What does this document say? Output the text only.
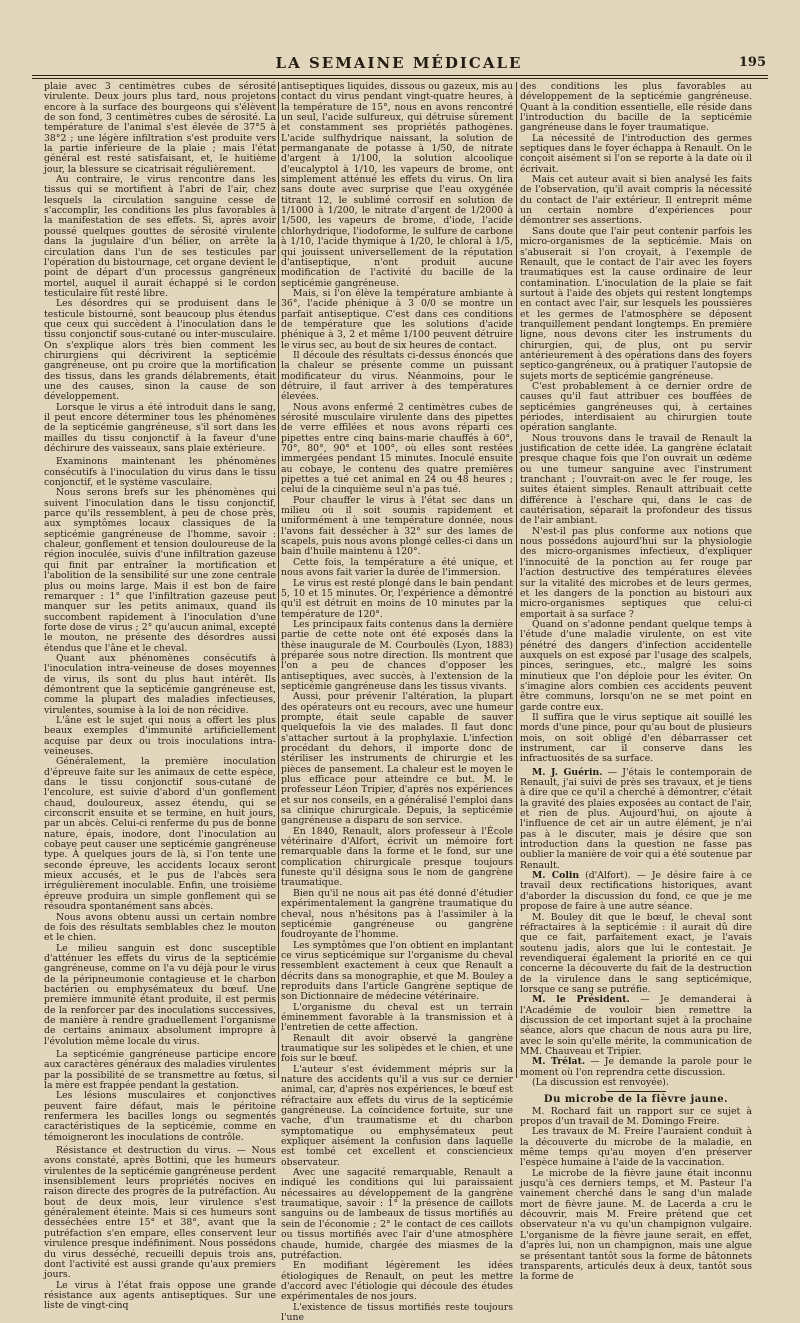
LA SEMAINE MÉDICALE	195

plaie avec 3 centimètres cubes de sérosité virulente. Deux jours plus tard, nous projetons encore à la surface des bourgeons qui s'élèvent de son fond, 3 centimètres cubes de sérosité. La température de l'animal s'est élevée de 37°5 à 38°2 ; une légère infiltration s'est produite vers la partie inférieure de la plaie ; mais l'état général est resté satisfaisant, et, le huitième jour, la blessure se cicatrisait régulièrement.

Au contraire, le virus rencontre dans les tissus qui se mortifient à l'abri de l'air, chez lesquels la circulation sanguine cesse de s'accomplir, les conditions les plus favorables à la manifestation de ses effets. Si, après avoir poussé quelques gouttes de sérosité virulente dans la jugulaire d'un bélier, on arrête la circulation dans l'un de ses testicules par l'opération du bistournage, cet organe devient le point de départ d'un processus gangréneux mortel, auquel il aurait échappé si le cordon testiculaire fût resté libre.

Les désordres qui se produisent dans le testicule bistourné, sont beaucoup plus étendus que ceux qui succèdent à l'inoculation dans le tissu conjonctif sous-cutané ou inter-musculaire. On s'explique alors très bien comment les chirurgiens qui décrivirent la septicémie gangréneuse, ont pu croire que la mortification des tissus, dans les grands délabrements, était une des causes, sinon la cause de son développement.

Lorsque le virus a été introduit dans le sang, il peut encore déterminer tous les phénomènes de la septicémie gangréneuse, s'il sort dans les mailles du tissu conjonctif à la faveur d'une déchirure des vaisseaux, sans plaie extérieure.

Examinons maintenant les phénomènes consécutifs à l'inoculation du virus dans le tissu conjonctif, et le système vasculaire.

Nous serons brefs sur les phénomènes qui suivent l'inoculation dans le tissu conjonctif, parce qu'ils ressemblent, à peu de chose près, aux symptômes locaux classiques de la septicémie gangréneuse de l'homme, savoir : chaleur, gonflement et tension douloureuse de la région inoculée, suivis d'une infiltration gazeuse qui finit par entraîner la mortification et l'abolition de la sensibilité sur une zone centrale plus ou moins large. Mais il est bon de faire remarquer : 1° que l'infiltration gazeuse peut manquer sur les petits animaux, quand ils succombent rapidement à l'inoculation d'une forte dose de virus ; 2° qu'aucun animal, excepté le mouton, ne présente des désordres aussi étendus que l'âne et le cheval.

Quant aux phénomènes consécutifs à l'inoculation intra-veineuse de doses moyennes de virus, ils sont du plus haut intérêt. Ils démontrent que la septicémie gangréneuse est, comme la plupart des maladies infectieuses, virulentes, soumise à la loi de non récidive.

L'âne est le sujet qui nous a offert les plus beaux exemples d'immunité artificiellement acquise par deux ou trois inoculations intra-veineuses.

Généralement, la première inoculation d'épreuve faite sur les animaux de cette espèce, dans le tissu conjonctif sous-cutané de l'encolure, est suivie d'abord d'un gonflement chaud, douloureux, assez étendu, qui se circonscrit ensuite et se termine, en huit jours, par un abcès. Celui-ci renferme du pus de bonne nature, épais, inodore, dont l'inoculation au cobaye peut causer une septicémie gangréneuse type. À quelques jours de là, si l'on tente une seconde épreuve, les accidents locaux seront mieux accusés, et le pus de l'abcès sera irrégulièrement inoculable. Enfin, une troisième épreuve produira un simple gonflement qui se résoudra spontanément sans abcès.

Nous avons obtenu aussi un certain nombre de fois des résultats semblables chez le mouton et le chien.

Le milieu sanguin est donc susceptible d'atténuer les effets du virus de la septicémie gangréneuse, comme on l'a vu déjà pour le virus de la péripneumonie contagieuse et le charbon bactérien ou emphysémateux du bœuf. Une première immunité étant produite, il est permis de la renforcer par des inoculations successives, de manière à rendre graduellement l'organisme de certains animaux absolument impropre à l'évolution même locale du virus.

La septicémie gangréneuse participe encore aux caractères généraux des maladies virulentes par la possibilité de se transmettre au fœtus, si la mère est frappée pendant la gestation.

Les lésions musculaires et conjonctives peuvent faire défaut, mais le péritoine renfermera les bacilles longs ou segmentés caractéristiques de la septicémie, comme en témoigneront les inoculations de contrôle.

Résistance et destruction du virus. — Nous avons constaté, après Bottini, que les humeurs virulentes de la septicémie gangréneuse perdent insensiblement leurs propriétés nocives en raison directe des progrès de la putréfaction. Au bout de deux mois, leur virulence s'est généralement éteinte. Mais si ces humeurs sont desséchées entre 15° et 38°, avant que la putréfaction s'en empare, elles conservent leur virulence presque indéfiniment. Nous possédons du virus desséché, recueilli depuis trois ans, dont l'activité est aussi grande qu'aux premiers jours.

Le virus à l'état frais oppose une grande résistance aux agents antiseptiques. Sur une liste de vingt-cinq

antiseptiques liquides, dissous ou gazeux, mis au contact du virus pendant vingt-quatre heures, à la température de 15°, nous en avons rencontré un seul, l'acide sulfureux, qui détruise sûrement et constamment ses propriétés pathogènes. L'acide sulfhydrique naissant, la solution de permanganate de potasse à 1/50, de nitrate d'argent à 1/100, la solution alcoolique d'eucalyptol à 1/10, les vapeurs de brome, ont simplement atténué les effets du virus. On lira sans doute avec surprise que l'eau oxygénée titrant 12, le sublimé corrosif en solution de 1/1000 à 1/200, le nitrate d'argent de 1/2000 à 1/500, les vapeurs de brome, d'iode, l'acide chlorhydrique, l'iodoforme, le sulfure de carbone à 1/10, l'acide thymique à 1/20, le chloral à 1/5, qui jouissent universellement de la réputation d'antiseptique, n'ont produit aucune modification de l'activité du bacille de la septicémie gangréneuse.

Mais, si l'on élève la température ambiante à 36°, l'acide phénique à 3 0/0 se montre un parfait antiseptique. C'est dans ces conditions de température que les solutions d'acide phénique à 3, 2 et même 1/100 peuvent détruire le virus sec, au bout de six heures de contact.

Il découle des résultats ci-dessus énoncés que la chaleur se présente comme un puissant modificateur du virus. Néanmoins, pour le détruire, il faut arriver à des températures élevées.

Nous avons enfermé 2 centimètres cubes de sérosité musculaire virulente dans des pipettes de verre effilées et nous avons réparti ces pipettes entre cinq bains-marie chauffés à 60°, 70°, 80°, 90° et 100°, où elles sont restées immergées pendant 15 minutes. Inoculé ensuite au cobaye, le contenu des quatre premières pipettes a tué cet animal en 24 ou 48 heures ; celui de la cinquième seul n'a pas tué.

Pour chauffer le virus à l'état sec dans un milieu où il soit soumis rapidement et uniformément à une température donnée, nous l'avons fait dessécher à 32° sur des lames de scapels, puis nous avons plongé celles-ci dans un bain d'huile maintenu à 120°.

Cette fois, la température a été unique, et nous avons fait varier la durée de l'immersion.

Le virus est resté plongé dans le bain pendant 5, 10 et 15 minutes. Or, l'expérience a démontré qu'il est détruit en moins de 10 minutes par la température de 120°.

Les principaux faits contenus dans la dernière partie de cette note ont été exposés dans la thèse inaugurale de M. Courboulès (Lyon, 1883) préparée sous notre direction. Ils montrent que l'on a peu de chances d'opposer les antiseptiques, avec succès, à l'extension de la septicémie gangréneuse dans les tissus vivants.

Aussi, pour prévenir l'altération, la plupart des opérateurs ont eu recours, avec une humeur prompte, était seule capable de sauver quelquefois la vie des malades. Il faut donc s'attacher surtout à la prophylaxie. L'infection procédant du dehors, il importe donc de stériliser les instruments de chirurgie et les pièces de pansement. La chaleur est le moyen le plus efficace pour atteindre ce but. M. le professeur Léon Tripier, d'après nos expériences et sur nos conseils, en a généralisé l'emploi dans sa clinique chirurgicale. Depuis, la septicémie gangréneuse a disparu de son service.

En 1840, Renault, alors professeur à l'École vétérinaire d'Alfort, écrivit un mémoire fort remarquable dans la forme et le fond, sur une complication chirurgicale presque toujours funeste qu'il désigna sous le nom de gangrène traumatique.

Bien qu'il ne nous ait pas été donné d'étudier expérimentalement la gangrène traumatique du cheval, nous n'hésitons pas à l'assimiler à la septicémie gangréneuse ou gangrène foudroyante de l'homme.

Les symptômes que l'on obtient en implantant ce virus septicémique sur l'organisme du cheval ressemblent exactement à ceux que Renault a décrits dans sa monographie, et que M. Bouley a reproduits dans l'article Gangrène septique de son Dictionnaire de médecine vétérinaire.

L'organisme du cheval est un terrain éminemment favorable à la transmission et à l'entretien de cette affection.

Renault dit avoir observé la gangrène traumatique sur les solipèdes et le chien, et une fois sur le bœuf.

L'auteur s'est évidemment mépris sur la nature des accidents qu'il a vus sur ce dernier animal, car, d'après nos expériences, le bœuf est réfractaire aux effets du virus de la septicémie gangréneuse. La coïncidence fortuite, sur une vache, d'un traumatisme et du charbon symptomatique ou emphysémateux peut expliquer aisément la confusion dans laquelle est tombé cet excellent et consciencieux observateur.

Avec une sagacité remarquable, Renault a indiqué les conditions qui lui paraissaient nécessaires au développement de la gangrène traumatique, savoir : 1° la présence de caillots sanguins ou de lambeaux de tissus mortifiés au sein de l'économie ; 2° le contact de ces caillots ou tissus mortifiés avec l'air d'une atmosphère chaude, humide, chargée des miasmes de la putréfaction.

En modifiant légèrement les idées étiologiques de Renault, on peut les mettre d'accord avec l'étiologie qui découle des études expérimentales de nos jours.

L'existence de tissus mortifiés reste toujours l'une

des conditions les plus favorables au développement de la septicémie gangréneuse. Quant à la condition essentielle, elle réside dans l'introduction du bacille de la septicémie gangréneuse dans le foyer traumatique.

La nécessité de l'introduction des germes septiques dans le foyer échappa à Renault. On le conçoit aisément si l'on se reporte à la date où il écrivait.

Mais cet auteur avait si bien analysé les faits de l'observation, qu'il avait compris la nécessité du contact de l'air extérieur. Il entreprit même un certain nombre d'expériences pour démontrer ses assertions.

Sans doute que l'air peut contenir parfois les micro-organismes de la septicémie. Mais on s'abuserait si l'on croyait, à l'exemple de Renault, que le contact de l'air avec les foyers traumatiques est la cause ordinaire de leur contamination. L'inoculation de la plaie se fait surtout à l'aide des objets qui restent longtemps en contact avec l'air, sur lesquels les poussières et les germes de l'atmosphère se déposent tranquillement pendant longtemps. En première ligne, nous devons citer les instruments du chirurgien, qui, de plus, ont pu servir antérieurement à des opérations dans des foyers septico-gangréneux, ou à pratiquer l'autopsie de sujets morts de septicémie gangréneuse.

C'est probablement à ce dernier ordre de causes qu'il faut attribuer ces bouffées de septicémies gangréneuses qui, à certaines périodes, interdisaient au chirurgien toute opération sanglante.

Nous trouvons dans le travail de Renault la justification de cette idée. La gangrène éclatait presque chaque fois que l'on ouvrait un œdème ou une tumeur sanguine avec l'instrument tranchant ; l'ouvrait-on avec le fer rouge, les suites étaient simples. Renault attribuait cette différence à l'eschare qui, dans le cas de cautérisation, séparait la profondeur des tissus de l'air ambiant.

N'est-il pas plus conforme aux notions que nous possédons aujourd'hui sur la physiologie des micro-organismes infectieux, d'expliquer l'innocuité de la ponction au fer rouge par l'action destructive des températures élevées sur la vitalité des microbes et de leurs germes, et les dangers de la ponction au bistouri aux micro-organismes septiques que celui-ci emportait à sa surface ?

Quand on s'adonne pendant quelque temps à l'étude d'une maladie virulente, on est vite pénétré des dangers d'infection accidentelle auxquels on est exposé par l'usage des scalpels, pinces, seringues, etc., malgré les soins minutieux que l'on déploie pour les éviter. On s'imagine alors combien ces accidents peuvent être communs, lorsqu'on ne se met point en garde contre eux.

Il suffira que le virus septique ait souillé les mords d'une pince, pour qu'au bout de plusieurs mois, on soit obligé d'en débarrasser cet instrument, car il conserve dans les infractuosités de sa surface.

M. J. Guérin. — J'étais le contemporain de Renault, j'ai suivi de près ses travaux, et je tiens à dire que ce qu'il a cherché à démontrer, c'était la gravité des plaies exposées au contact de l'air, et rien de plus. Aujourd'hui, on ajoute à l'influence de cet air un autre élément, je n'ai pas à le discuter, mais je désire que son introduction dans la question ne fasse pas oublier la manière de voir qui a été soutenue par Renault.

M. Colin (d'Alfort). — Je désire faire à ce travail deux rectifications historiques, avant d'aborder la discussion du fond, ce que je me propose de faire à une autre séance.

M. Bouley dit que le bœuf, le cheval sont réfractaires à la septicémie : il aurait dû dire que ce fait, parfaitement exact, je l'avais soutenu jadis, alors que lui le contestait. Je revendiquerai également la priorité en ce qui concerne la découverte du fait de la destruction de la virulence dans le sang septicémique, lorsque ce sang se putréfie.

M. le Président. — Je demanderai à l'Académie de vouloir bien remettre la discussion de cet important sujet à la prochaine séance, alors que chacun de nous aura pu lire, avec le soin qu'elle mérite, la communication de MM. Chauveau et Tripier.

M. Trélat. — Je demande la parole pour le moment où l'on reprendra cette discussion.

(La discussion est renvoyée).

Du microbe de la fièvre jaune.

M. Rochard fait un rapport sur ce sujet à propos d'un travail de M. Domingo Freire.

Les travaux de M. Freire l'auraient conduit à la découverte du microbe de la maladie, en même temps qu'au moyen d'en préserver l'espèce humaine à l'aide de la vaccination.

Le microbe de la fièvre jaune était inconnu jusqu'à ces derniers temps, et M. Pasteur l'a vainement cherché dans le sang d'un malade mort de fièvre jaune. M. de Lacerda a cru le découvrir, mais M. Freire prétend que cet observateur n'a vu qu'un champignon vulgaire. L'organisme de la fièvre jaune serait, en effet, d'après lui, non un champignon, mais une algue se présentant tantôt sous la forme de bâtonnets transparents, articulés deux à deux, tantôt sous la forme de
